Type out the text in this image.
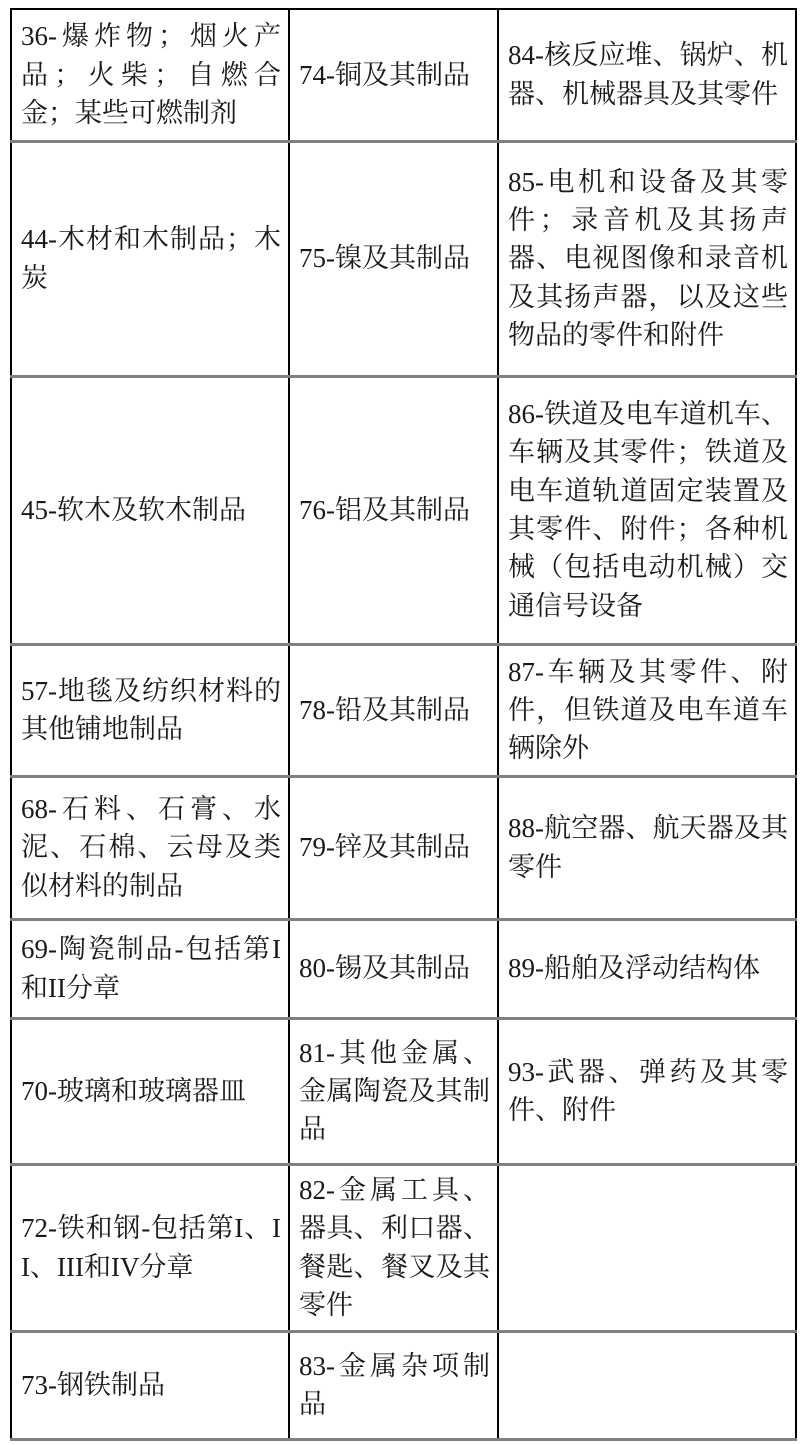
36-爆炸物；烟火产品；火柴；自燃合金；某些可燃制剂	74-铜及其制品	84-核反应堆、锅炉、机器、机械器具及其零件
44-木材和木制品；木炭	75-镍及其制品	85-电机和设备及其零件；录音机及其扬声器、电视图像和录音机及其扬声器，以及这些物品的零件和附件
45-软木及软木制品	76-铝及其制品	86-铁道及电车道机车、车辆及其零件；铁道及电车道轨道固定装置及其零件、附件；各种机械（包括电动机械）交通信号设备
57-地毯及纺织材料的其他铺地制品	78-铅及其制品	87-车辆及其零件、附件，但铁道及电车道车辆除外
68-石料、石膏、水泥、石棉、云母及类似材料的制品	79-锌及其制品	88-航空器、航天器及其零件
69-陶瓷制品-包括第I和II分章	80-锡及其制品	89-船舶及浮动结构体
70-玻璃和玻璃器皿	81-其他金属、金属陶瓷及其制品	93-武器、弹药及其零件、附件
72-铁和钢-包括第I、II、III和IV分章	82-金属工具、器具、利口器、餐匙、餐叉及其零件	
73-钢铁制品	83-金属杂项制品	
